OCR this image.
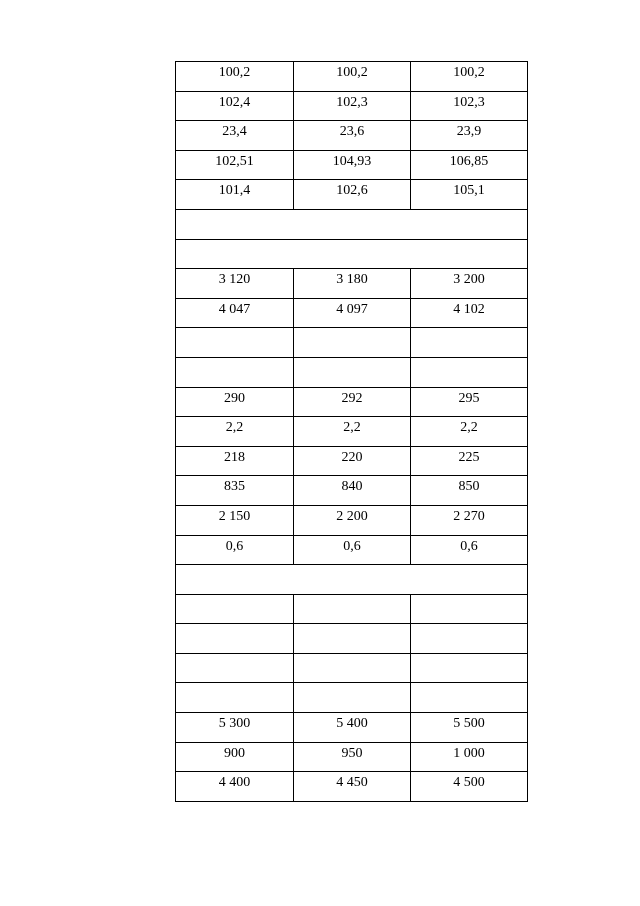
100,2	100,2	100,2
102,4	102,3	102,3
23,4	23,6	23,9
102,51	104,93	106,85
101,4	102,6	105,1

3 120	3 180	3 200
4 047	4 097	4 102

290	292	295
2,2	2,2	2,2
218	220	225
835	840	850
2 150	2 200	2 270
0,6	0,6	0,6

5 300	5 400	5 500
900	950	1 000
4 400	4 450	4 500
